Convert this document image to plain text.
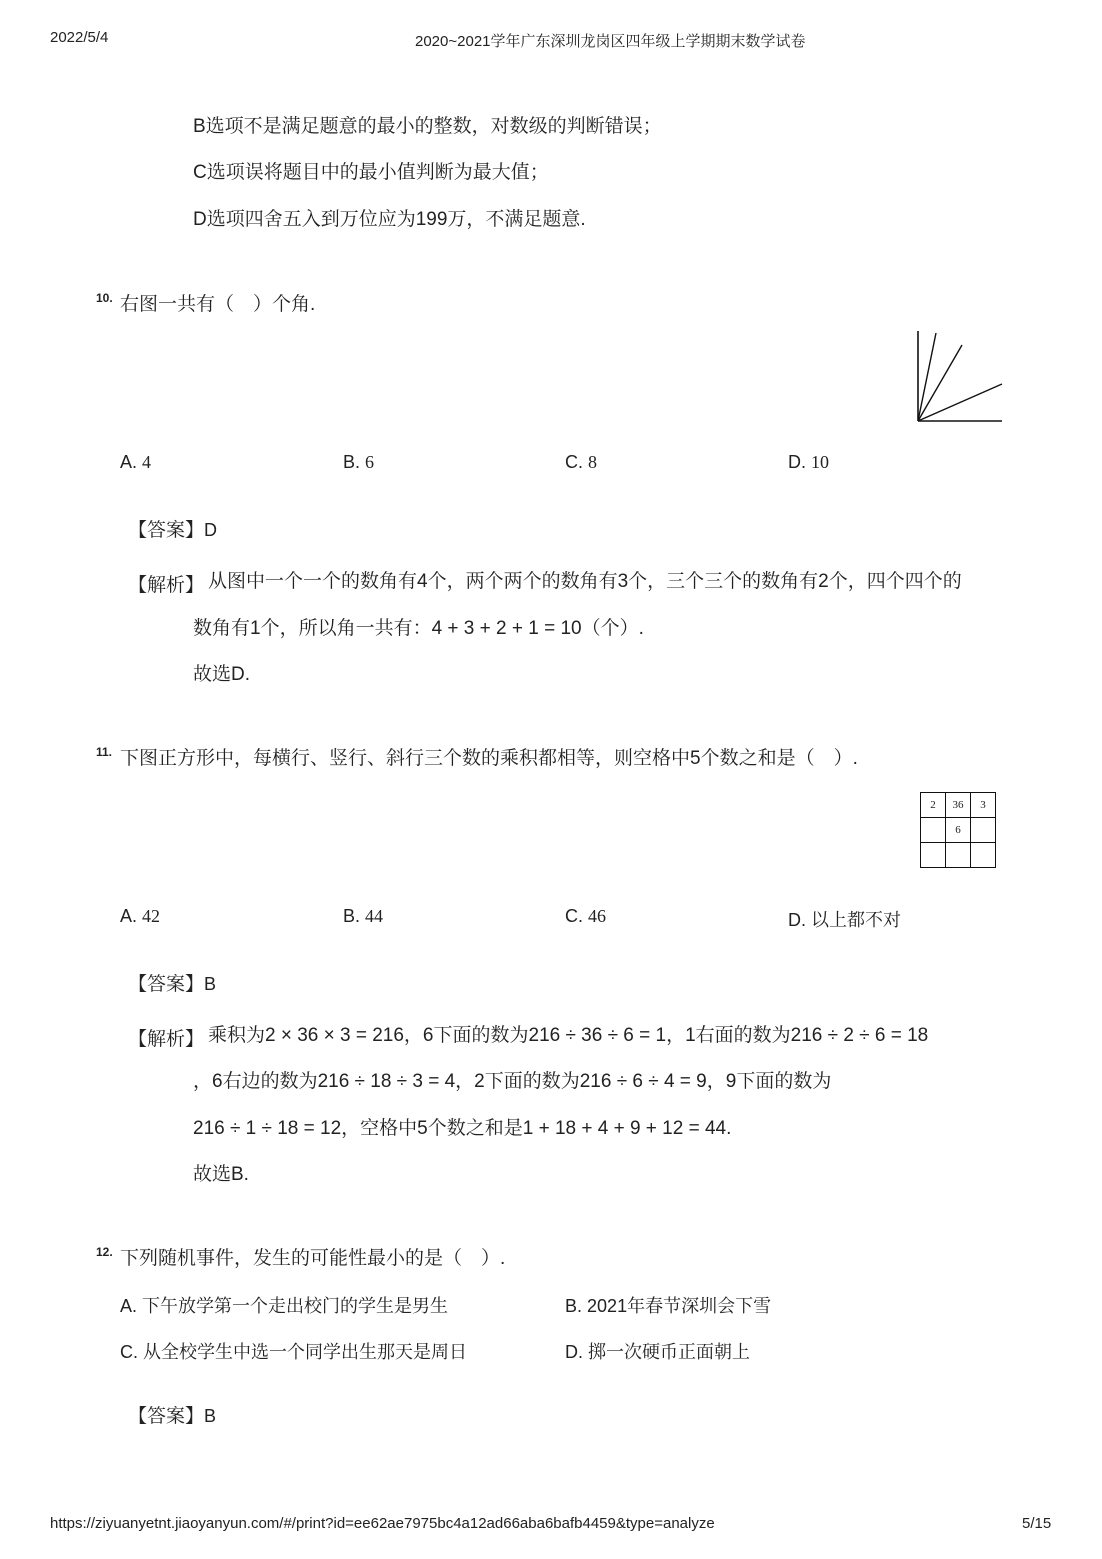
2022/5/4	2020~2021学年广东深圳龙岗区四年级上学期期末数学试卷
B选项不是满足题意的最小的整数，对数级的判断错误；
C选项误将题目中的最小值判断为最大值；
D选项四舍五入到万位应为199万，不满足题意.
10. 右图一共有（　）个角.
A. 4	B. 6	C. 8	D. 10
【答案】D
【解析】 从图中一个一个的数角有4个，两个两个的数角有3个，三个三个的数角有2个，四个四个的
数角有1个，所以角一共有：4 + 3 + 2 + 1 = 10（个）.
故选D.
11. 下图正方形中，每横行、竖行、斜行三个数的乘积都相等，则空格中5个数之和是（　）.
2	36	3
	6	

A. 42	B. 44	C. 46	D. 以上都不对
【答案】B
【解析】 乘积为2 × 36 × 3 = 216，6下面的数为216 ÷ 36 ÷ 6 = 1，1右面的数为216 ÷ 2 ÷ 6 = 18
，6右边的数为216 ÷ 18 ÷ 3 = 4，2下面的数为216 ÷ 6 ÷ 4 = 9，9下面的数为
216 ÷ 1 ÷ 18 = 12，空格中5个数之和是1 + 18 + 4 + 9 + 12 = 44.
故选B.
12. 下列随机事件，发生的可能性最小的是（　）.
A. 下午放学第一个走出校门的学生是男生	B. 2021年春节深圳会下雪
C. 从全校学生中选一个同学出生那天是周日	D. 掷一次硬币正面朝上
【答案】B
https://ziyuanyetnt.jiaoyanyun.com/#/print?id=ee62ae7975bc4a12ad66aba6bafb4459&type=analyze	5/15
